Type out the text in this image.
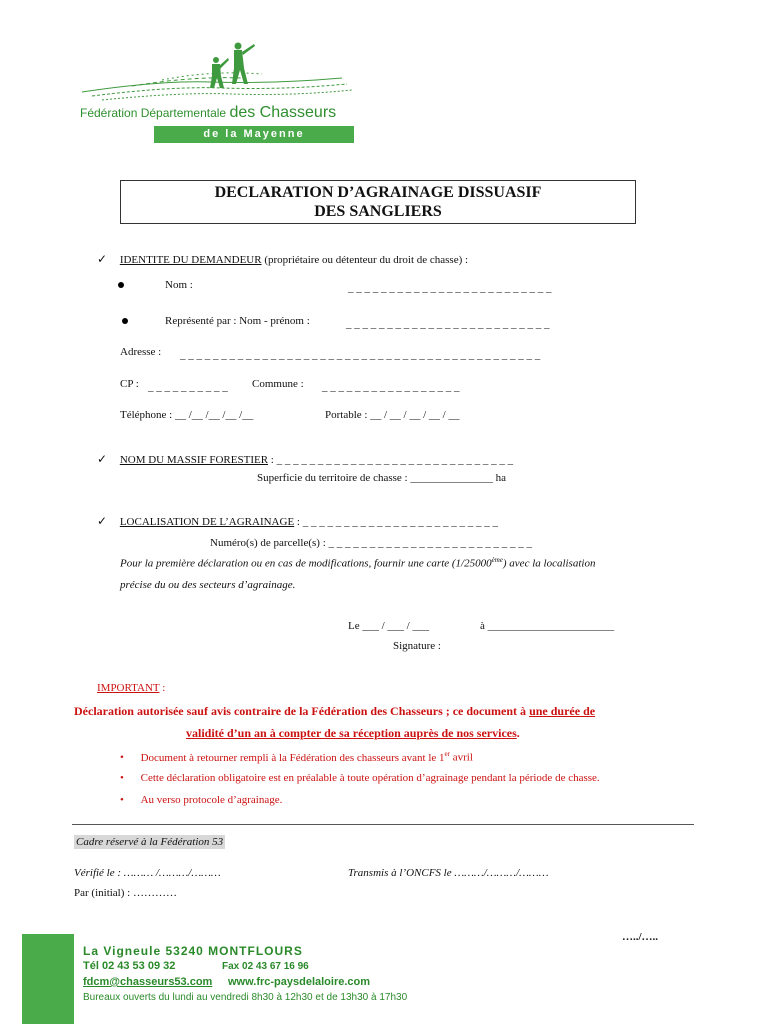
Fédération Départementale des Chasseurs
de la Mayenne
DECLARATION D’AGRAINAGE DISSUASIF
DES SANGLIERS
✓ IDENTITE DU DEMANDEUR (propriétaire ou détenteur du droit de chasse) :
Nom :	_ _ _ _ _ _ _ _ _ _ _ _ _ _ _ _ _ _ _ _ _ _ _ _ _
Représenté par : Nom - prénom :	_ _ _ _ _ _ _ _ _ _ _ _ _ _ _ _ _ _ _ _ _ _ _ _ _
Adresse : _ _ _ _ _ _ _ _ _ _ _ _ _ _ _ _ _ _ _ _ _ _ _ _ _ _ _ _ _ _ _ _ _ _ _ _ _ _ _ _ _ _ _ _
CP : _ _ _ _ _ _ _ _ _ _ Commune : _ _ _ _ _ _ _ _ _ _ _ _ _ _ _ _ _
Téléphone : __ /__ /__ /__ /__	Portable : __ / __ / __ / __ / __
✓ NOM DU MASSIF FORESTIER : _ _ _ _ _ _ _ _ _ _ _ _ _ _ _ _ _ _ _ _ _ _ _ _ _ _ _ _ _
Superficie du territoire de chasse : _______________ ha
✓ LOCALISATION DE L’AGRAINAGE : _ _ _ _ _ _ _ _ _ _ _ _ _ _ _ _ _ _ _ _ _ _ _ _
Numéro(s) de parcelle(s) : _ _ _ _ _ _ _ _ _ _ _ _ _ _ _ _ _ _ _ _ _ _ _ _ _
Pour la première déclaration ou en cas de modifications, fournir une carte (1/25000ème) avec la localisation
précise du ou des secteurs d’agrainage.
Le ___ / ___ / ___	à _______________________
Signature :
IMPORTANT :
Déclaration autorisée sauf avis contraire de la Fédération des Chasseurs ; ce document à une durée de
validité d’un an à compter de sa réception auprès de nos services.
• Document à retourner rempli à la Fédération des chasseurs avant le 1er avril
• Cette déclaration obligatoire est en préalable à toute opération d’agrainage pendant la période de chasse.
• Au verso protocole d’agrainage.
Cadre réservé à la Fédération 53
Vérifié le : ……… /………/………	Transmis à l’ONCFS le ………/………/………
Par (initial) : …………
…../…..
La Vigneule 53240 MONTFLOURS
Tél 02 43 53 09 32	Fax 02 43 67 16 96
fdcm@chasseurs53.com www.frc-paysdelaloire.com
Bureaux ouverts du lundi au vendredi 8h30 à 12h30 et de 13h30 à 17h30
